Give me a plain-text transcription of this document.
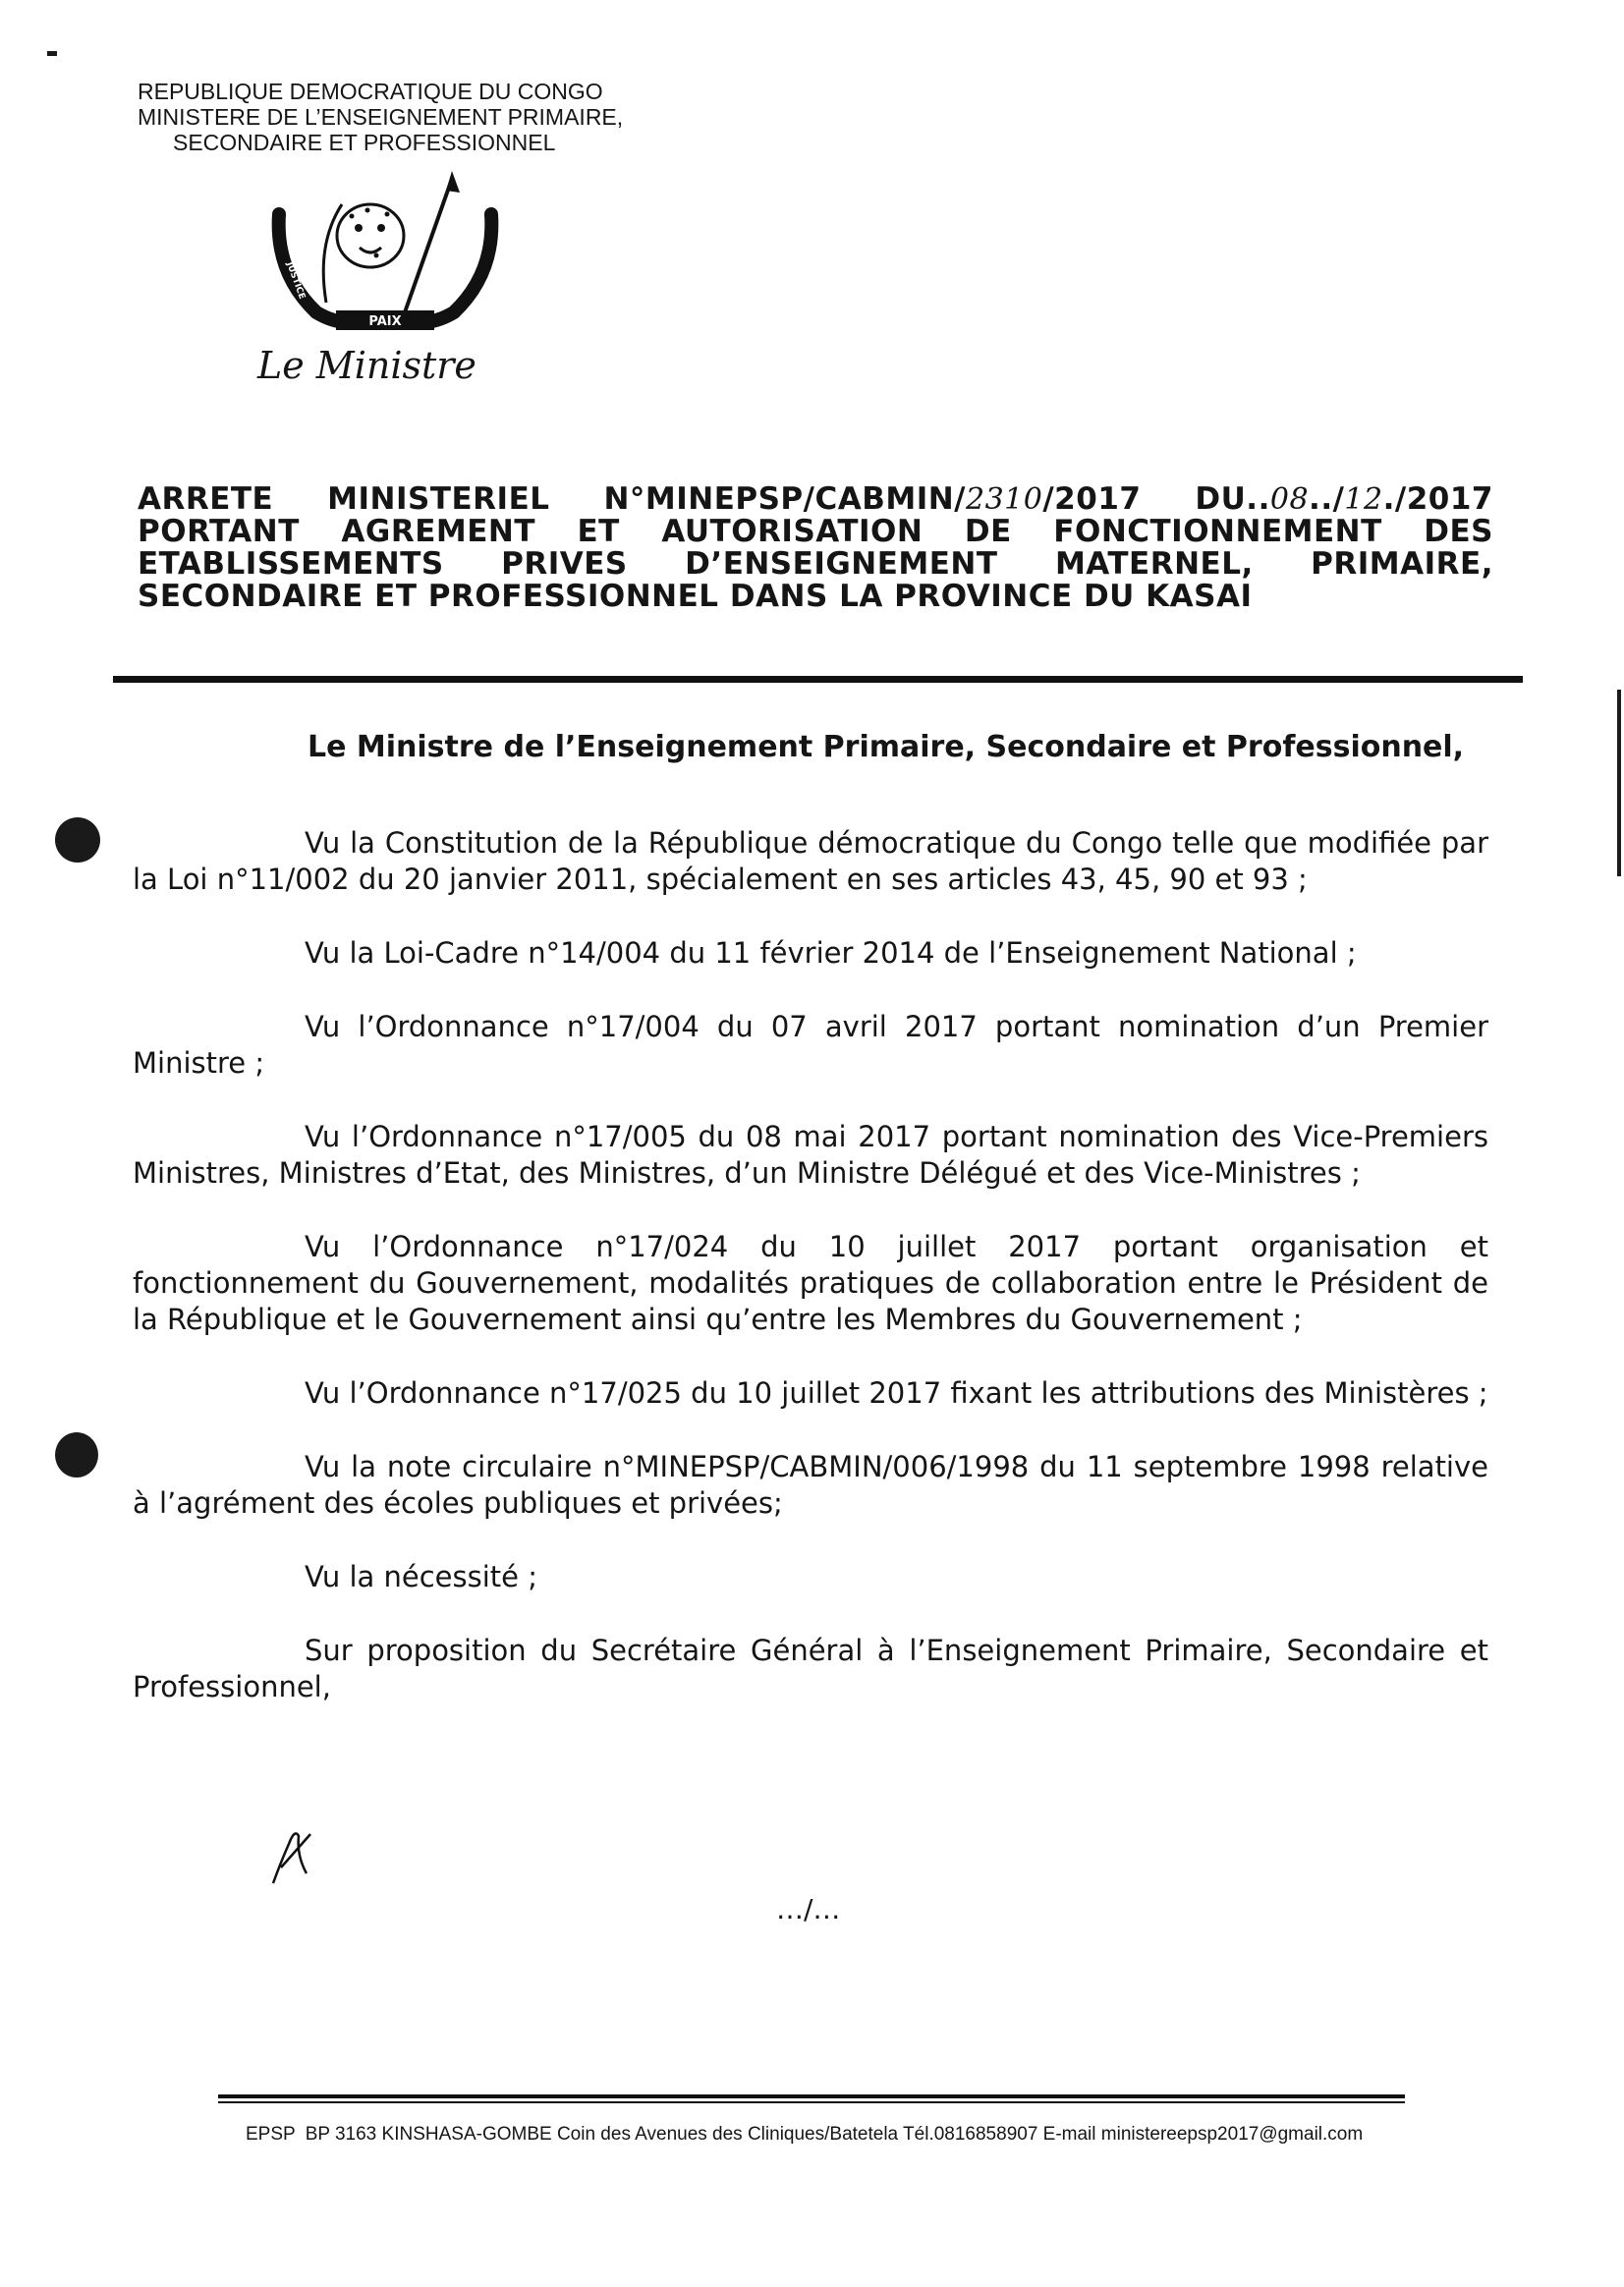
REPUBLIQUE DEMOCRATIQUE DU CONGO

MINISTERE DE L’ENSEIGNEMENT PRIMAIRE,
SECONDAIRE ET PROFESSIONNEL
PAIX
JUSTICE	TRAVAIL
Le Ministre
ARRETE MINISTERIEL N°MINEPSP/CABMIN/2310/2017 DU..08../12./2017
PORTANT AGREMENT ET AUTORISATION DE FONCTIONNEMENT DES
ETABLISSEMENTS PRIVES D’ENSEIGNEMENT MATERNEL, PRIMAIRE,
SECONDAIRE ET PROFESSIONNEL DANS LA PROVINCE DU KASAI
Le Ministre de l’Enseignement Primaire, Secondaire et Professionnel,

Vu la Constitution de la République démocratique du Congo telle que modifiée par la Loi n°11/002 du 20 janvier 2011, spécialement en ses articles 43, 45, 90 et 93 ;

Vu la Loi-Cadre n°14/004 du 11 février 2014 de l’Enseignement National ;

Vu l’Ordonnance n°17/004 du 07 avril 2017 portant nomination d’un Premier Ministre ;

Vu l’Ordonnance n°17/005 du 08 mai 2017 portant nomination des Vice-Premiers Ministres, Ministres d’Etat, des Ministres, d’un Ministre Délégué et des Vice-Ministres ;

Vu l’Ordonnance n°17/024 du 10 juillet 2017 portant organisation et fonctionnement du Gouvernement, modalités pratiques de collaboration entre le Président de la République et le Gouvernement ainsi qu’entre les Membres du Gouvernement ;

Vu l’Ordonnance n°17/025 du 10 juillet 2017 fixant les attributions des Ministères ;

Vu la note circulaire n°MINEPSP/CABMIN/006/1998 du 11 septembre 1998 relative à l’agrément des écoles publiques et privées;

Vu la nécessité ;

Sur proposition du Secrétaire Général à l’Enseignement Primaire, Secondaire et Professionnel,

…/…
EPSP BP 3163 KINSHASA-GOMBE Coin des Avenues des Cliniques/Batetela Tél.0816858907 E-mail ministereepsp2017@gmail.com
